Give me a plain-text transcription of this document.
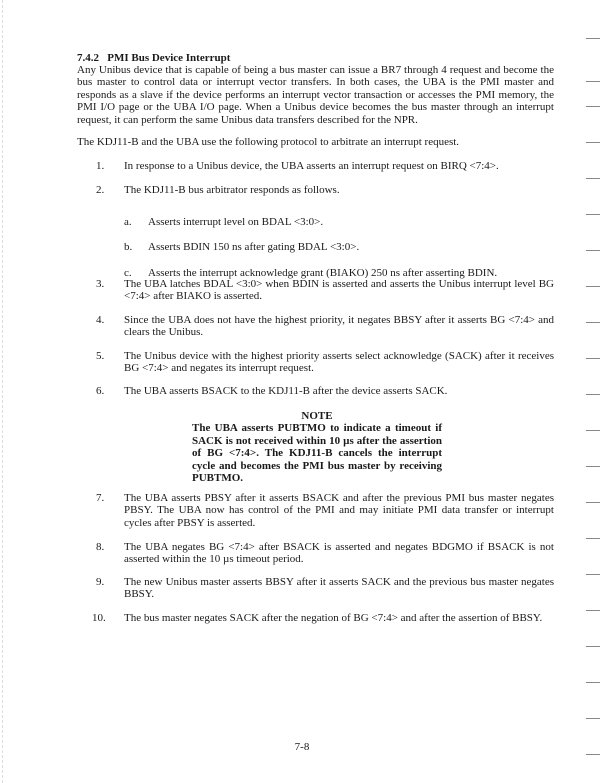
7.4.2 PMI Bus Device Interrupt
Any Unibus device that is capable of being a bus master can issue a BR7 through 4 request and become the bus master to control data or interrupt vector transfers. In both cases, the UBA is the PMI master and responds as a slave if the device performs an interrupt vector transaction or accesses the PMI memory, the PMI I/O page or the UBA I/O page. When a Unibus device becomes the bus master through an interrupt request, it can perform the same Unibus data transfers described for the NPR.
The KDJ11-B and the UBA use the following protocol to arbitrate an interrupt request.
1. In response to a Unibus device, the UBA asserts an interrupt request on BIRQ <7:4>.
2. The KDJ11-B bus arbitrator responds as follows.
a. Asserts interrupt level on BDAL <3:0>.
b. Asserts BDIN 150 ns after gating BDAL <3:0>.
c. Asserts the interrupt acknowledge grant (BIAKO) 250 ns after asserting BDIN.
3. The UBA latches BDAL <3:0> when BDIN is asserted and asserts the Unibus interrupt level BG <7:4> after BIAKO is asserted.
4. Since the UBA does not have the highest priority, it negates BBSY after it asserts BG <7:4> and clears the Unibus.
5. The Unibus device with the highest priority asserts select acknowledge (SACK) after it receives BG <7:4> and negates its interrupt request.
6. The UBA asserts BSACK to the KDJ11-B after the device asserts SACK.
NOTE
The UBA asserts PUBTMO to indicate a timeout if SACK is not received within 10 µs after the assertion of BG <7:4>. The KDJ11-B cancels the interrupt cycle and becomes the PMI bus master by receiving PUBTMO.
7. The UBA asserts PBSY after it asserts BSACK and after the previous PMI bus master negates PBSY. The UBA now has control of the PMI and may initiate PMI data transfer or interrupt cycles after PBSY is asserted.
8. The UBA negates BG <7:4> after BSACK is asserted and negates BDGMO if BSACK is not asserted within the 10 µs timeout period.
9. The new Unibus master asserts BBSY after it asserts SACK and the previous bus master negates BBSY.
10. The bus master negates SACK after the negation of BG <7:4> and after the assertion of BBSY.
7-8
